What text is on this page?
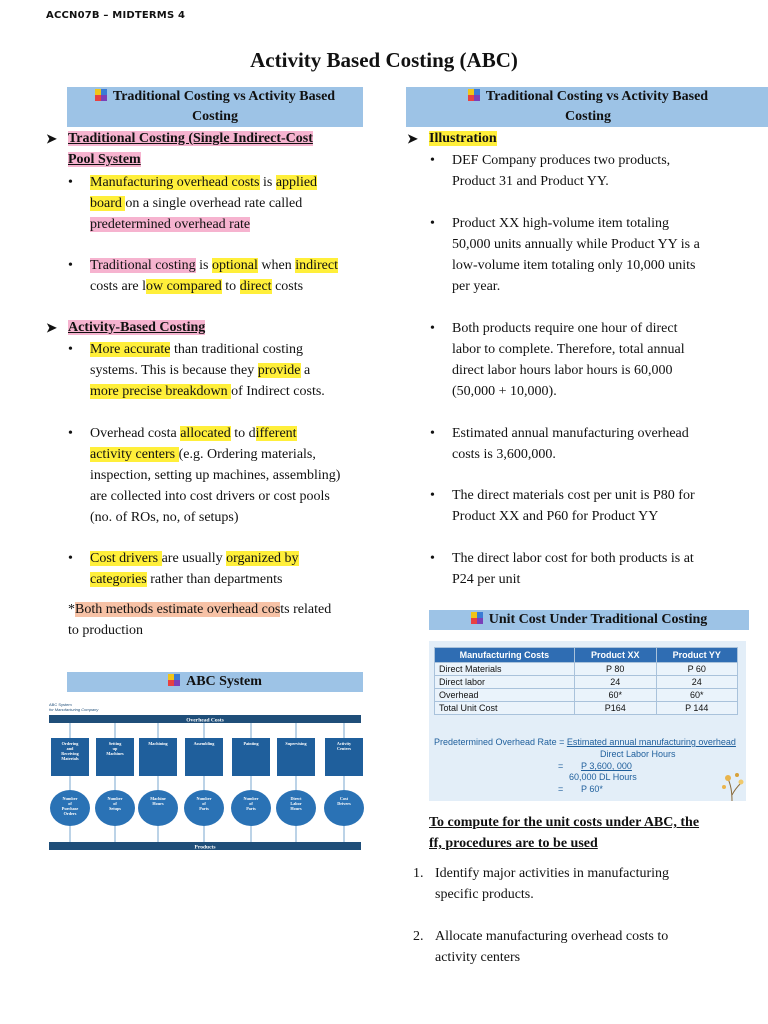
ACCN07B – MIDTERMS 4
Activity Based Costing (ABC)
Traditional Costing vs Activity Based
Costing
➤ Traditional Costing (Single Indirect-Cost
Pool System
• Manufacturing overhead costs is applied
board on a single overhead rate called
predetermined overhead rate
• Traditional costing is optional when indirect
costs are low compared to direct costs
➤ Activity-Based Costing
• More accurate than traditional costing
systems. This is because they provide a
more precise breakdown of Indirect costs.
• Overhead costa allocated to different
activity centers (e.g. Ordering materials,
inspection, setting up machines, assembling)
are collected into cost drivers or cost pools
(no. of ROs, no, of setups)
• Cost drivers are usually organized by
categories rather than departments
*Both methods estimate overhead costs related
to production
ABC System
ABC System
for Manufacturing Company
Overhead Costs
Ordering
and
Receiving
Materials
Setting
up
Machines
Machining	Assembling	Painting	Supervising	Activity
Centers
Number
of
Purchase
Orders
Number
of
Setups
Machine
Hours
Number
of
Parts
Number
of
Parts
Direct
Labor
Hours
Cost
Drivers
Products
Traditional Costing vs Activity Based
Costing
➤ Illustration
• DEF Company produces two products,
Product 31 and Product YY.
• Product XX high-volume item totaling
50,000 units annually while Product YY is a
low-volume item totaling only 10,000 units
per year.
• Both products require one hour of direct
labor to complete. Therefore, total annual
direct labor hours labor hours is 60,000
(50,000 + 10,000).
• Estimated annual manufacturing overhead
costs is 3,600,000.
• The direct materials cost per unit is P80 for
Product XX and P60 for Product YY
• The direct labor cost for both products is at
P24 per unit
Unit Cost Under Traditional Costing
Manufacturing Costs	Product XX	Product YY
Direct Materials	P 80	P 60
Direct labor	24	24
Overhead	60*	60*
Total Unit Cost	P164	P 144
Predetermined Overhead Rate = Estimated annual manufacturing overhead
Direct Labor Hours
= P 3,600, 000
60,000 DL Hours
= P 60*
To compute for the unit costs under ABC, the
ff, procedures are to be used
1. Identify major activities in manufacturing
specific products.
2. Allocate manufacturing overhead costs to
activity centers
